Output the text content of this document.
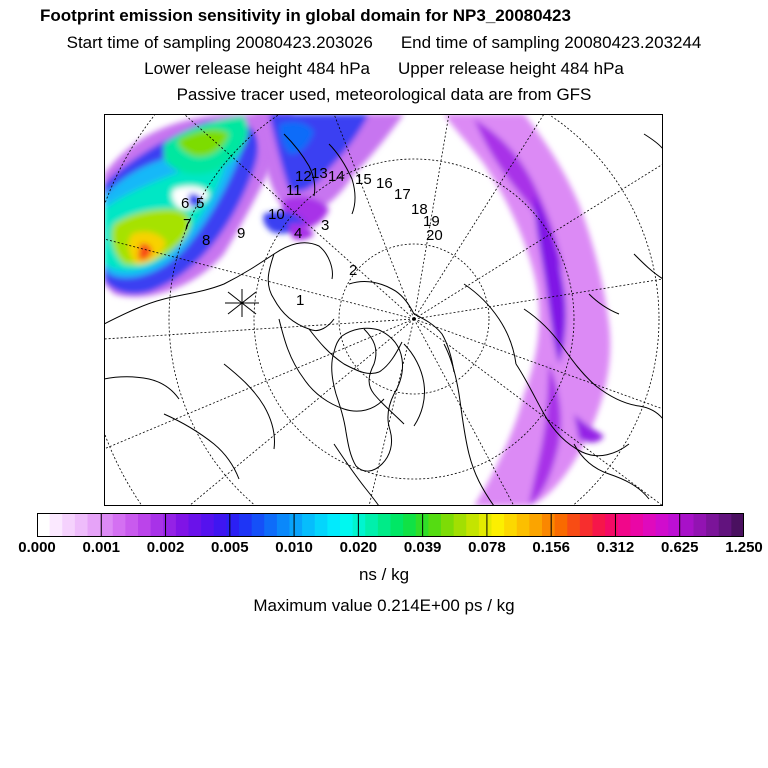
Footprint emission sensitivity in global domain for NP3_20080423
Start time of sampling 20080423.203026 End time of sampling 20080423.203244
Lower release height 484 hPa Upper release height 484 hPa
Passive tracer used, meteorological data are from GFS
1
2
3
4
5
6
7
8 9
10
11
12 13 14 15 16
17
18
19
20
0.000 0.001 0.002 0.005 0.010 0.020 0.039 0.078 0.156 0.312 0.625 1.250
ns / kg
Maximum value 0.214E+00 ps / kg
